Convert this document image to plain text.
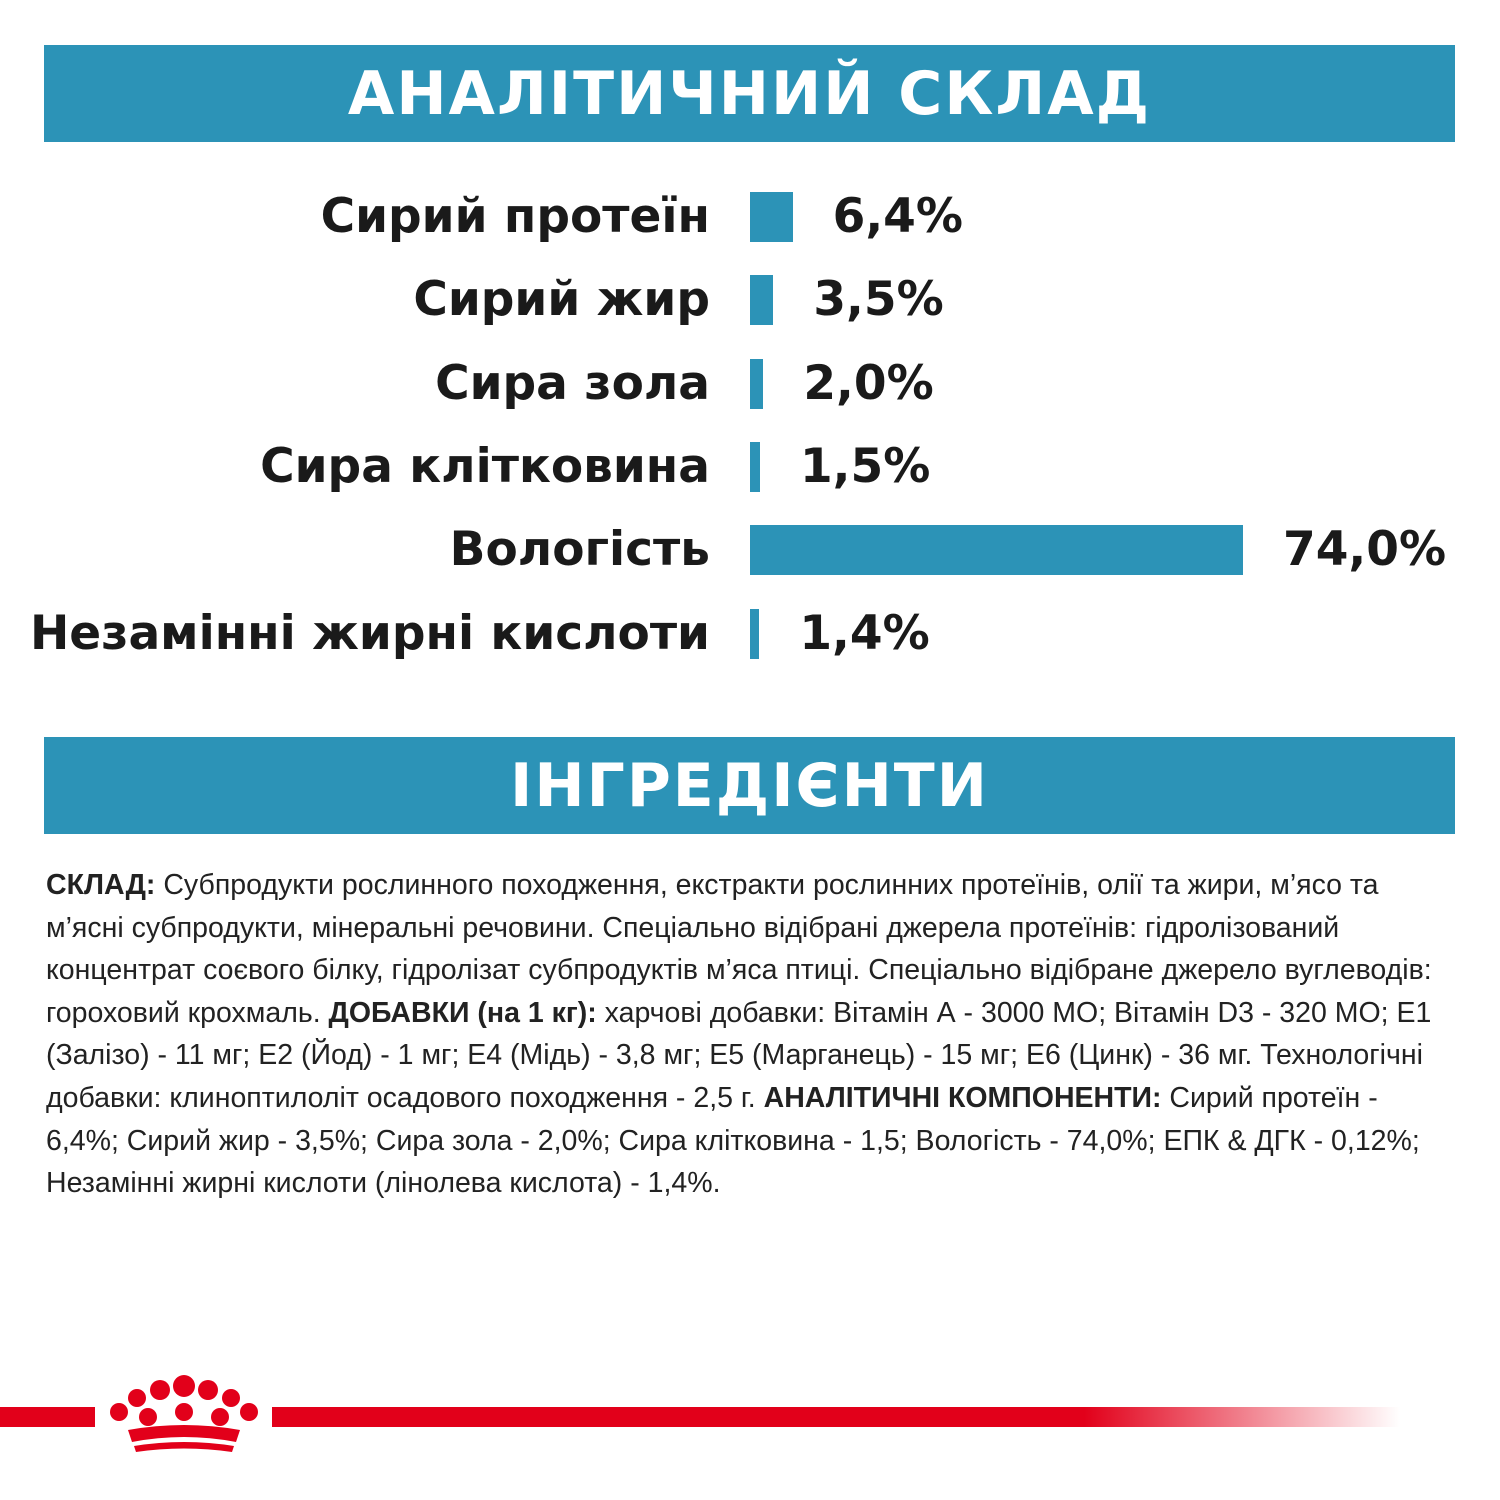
АНАЛІТИЧНИЙ СКЛАД
Сирий протеїн	6,4%
Сирий жир 3,5%
Сира зола 2,0%
Сира клітковина 1,5%
Вологість	74,0%
Незамінні жирні кислоти 1,4%
ІНГРЕДІЄНТИ
СКЛАД: Субпродукти рослинного походження, екстракти рослинних протеїнів, олії та жири, м’ясо та м’ясні субпродукти, мінеральні речовини. Спеціально відібрані джерела протеїнів: гідролізований концентрат соєвого білку, гідролізат субпродуктів м’яса птиці. Спеціально відібране джерело вуглеводів: гороховий крохмаль. ДОБАВКИ (на 1 кг): харчові добавки: Вітамін А - 3000 МО; Вітамін D3 - 320 МО; Е1 (Залізо) - 11 мг; Е2 (Йод) - 1 мг; Е4 (Мідь) - 3,8 мг; Е5 (Марганець) - 15 мг; Е6 (Цинк) - 36 мг. Технологічні добавки: клиноптилоліт осадового походження - 2,5 г. АНАЛІТИЧНІ КОМПОНЕНТИ: Сирий протеїн - 6,4%; Сирий жир - 3,5%; Сира зола - 2,0%; Сира клітковина - 1,5; Вологість - 74,0%; ЕПК & ДГК - 0,12%; Незамінні жирні кислоти (лінолева кислота) - 1,4%.
